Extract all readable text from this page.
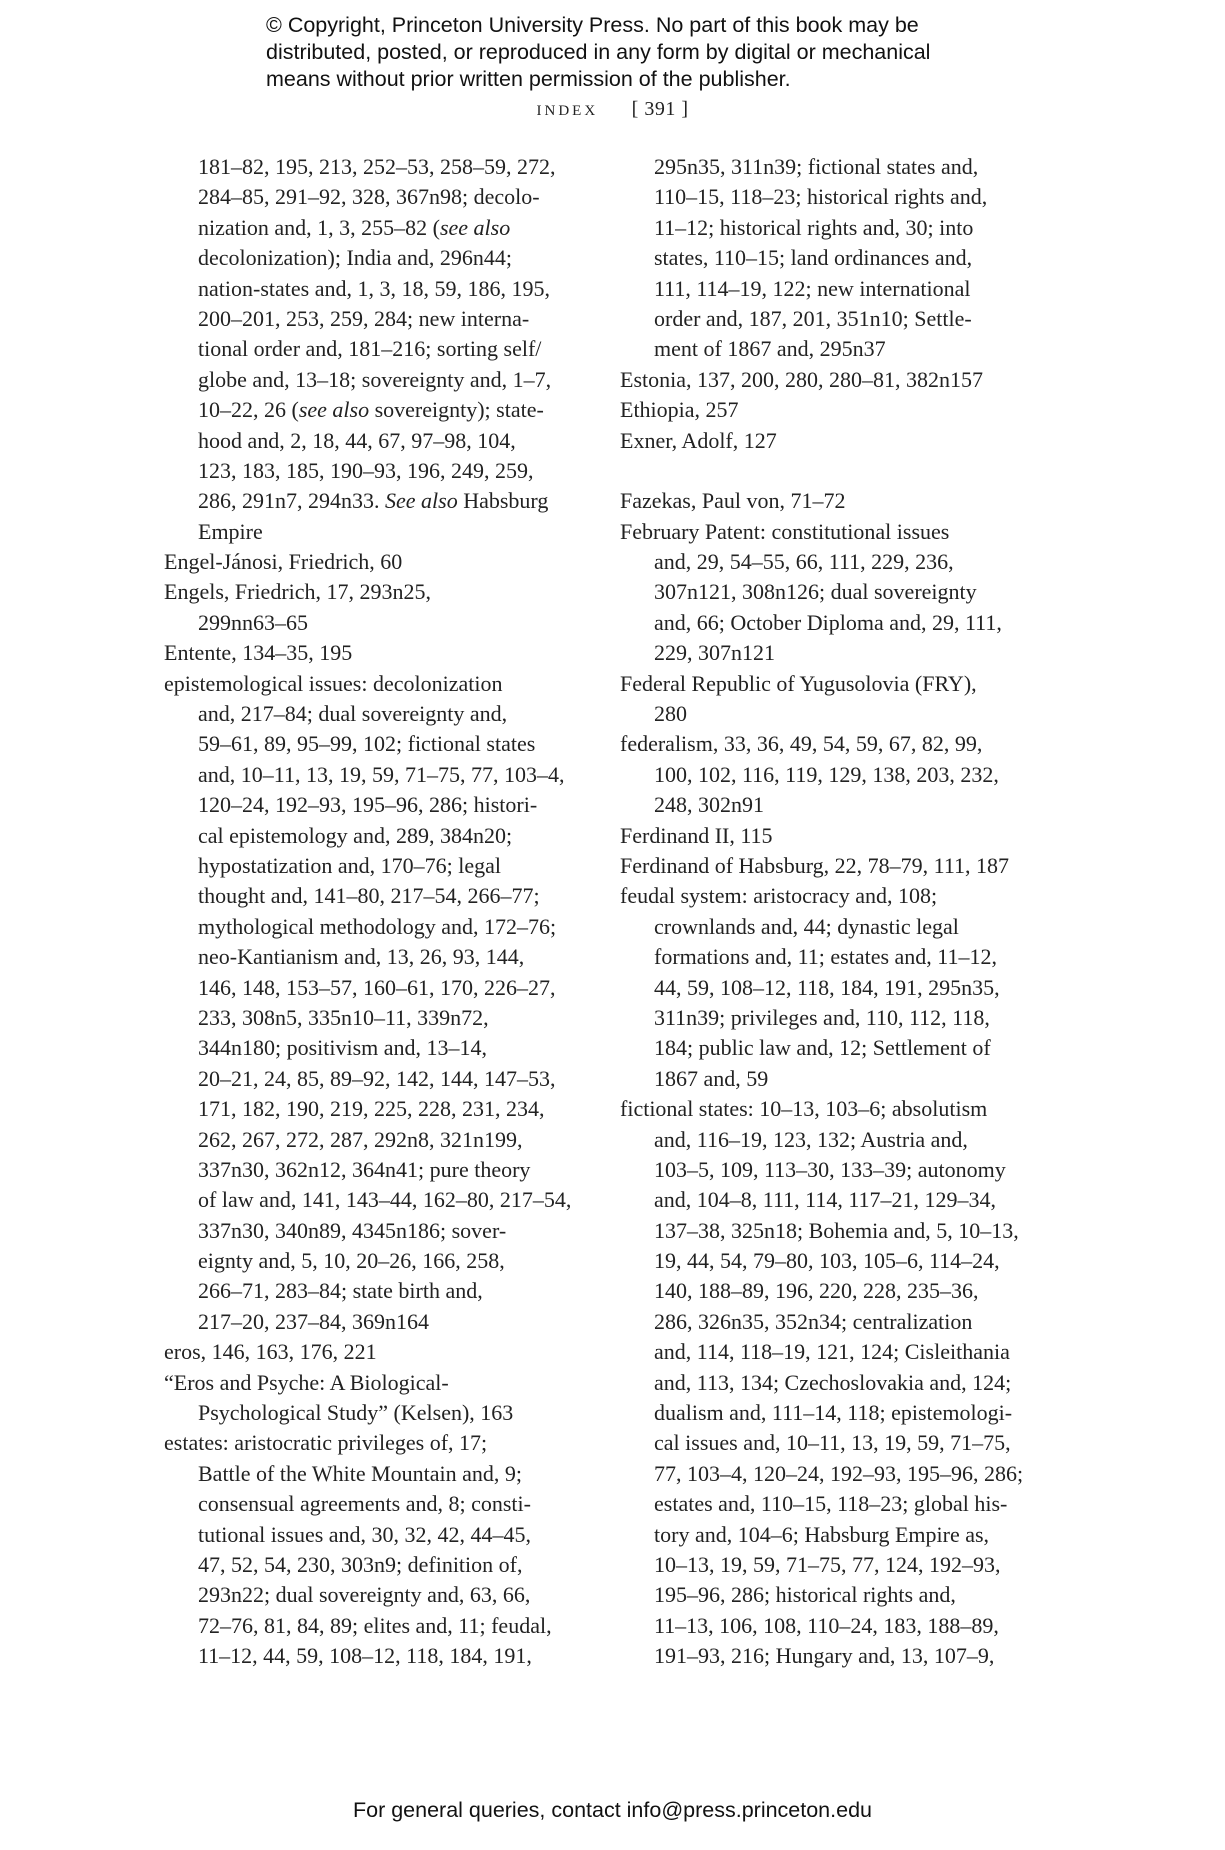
© Copyright, Princeton University Press. No part of this book may be
distributed, posted, or reproduced in any form by digital or mechanical
means without prior written permission of the publisher.
index [ 391 ]
181–82, 195, 213, 252–53, 258–59, 272,
284–85, 291–92, 328, 367n98; decolo-
nization and, 1, 3, 255–82 (see also
decolonization); India and, 296n44;
nation-states and, 1, 3, 18, 59, 186, 195,
200–201, 253, 259, 284; new interna-
tional order and, 181–216; sorting self/
globe and, 13–18; sovereignty and, 1–7,
10–22, 26 (see also sovereignty); state-
hood and, 2, 18, 44, 67, 97–98, 104,
123, 183, 185, 190–93, 196, 249, 259,
286, 291n7, 294n33. See also Habsburg
Empire
Engel-Jánosi, Friedrich, 60
Engels, Friedrich, 17, 293n25,
299nn63–65
Entente, 134–35, 195
epistemological issues: decolonization
and, 217–84; dual sovereignty and,
59–61, 89, 95–99, 102; fictional states
and, 10–11, 13, 19, 59, 71–75, 77, 103–4,
120–24, 192–93, 195–96, 286; histori-
cal epistemology and, 289, 384n20;
hypostatization and, 170–76; legal
thought and, 141–80, 217–54, 266–77;
mythological methodology and, 172–76;
neo-Kantianism and, 13, 26, 93, 144,
146, 148, 153–57, 160–61, 170, 226–27,
233, 308n5, 335n10–11, 339n72,
344n180; positivism and, 13–14,
20–21, 24, 85, 89–92, 142, 144, 147–53,
171, 182, 190, 219, 225, 228, 231, 234,
262, 267, 272, 287, 292n8, 321n199,
337n30, 362n12, 364n41; pure theory
of law and, 141, 143–44, 162–80, 217–54,
337n30, 340n89, 4345n186; sover-
eignty and, 5, 10, 20–26, 166, 258,
266–71, 283–84; state birth and,
217–20, 237–84, 369n164
eros, 146, 163, 176, 221
“Eros and Psyche: A Biological-
Psychological Study” (Kelsen), 163
estates: aristocratic privileges of, 17;
Battle of the White Mountain and, 9;
consensual agreements and, 8; consti-
tutional issues and, 30, 32, 42, 44–45,
47, 52, 54, 230, 303n9; definition of,
293n22; dual sovereignty and, 63, 66,
72–76, 81, 84, 89; elites and, 11; feudal,
11–12, 44, 59, 108–12, 118, 184, 191,
295n35, 311n39; fictional states and,
110–15, 118–23; historical rights and,
11–12; historical rights and, 30; into
states, 110–15; land ordinances and,
111, 114–19, 122; new international
order and, 187, 201, 351n10; Settle-
ment of 1867 and, 295n37
Estonia, 137, 200, 280, 280–81, 382n157
Ethiopia, 257
Exner, Adolf, 127
Fazekas, Paul von, 71–72
February Patent: constitutional issues
and, 29, 54–55, 66, 111, 229, 236,
307n121, 308n126; dual sovereignty
and, 66; October Diploma and, 29, 111,
229, 307n121
Federal Republic of Yugusolovia (FRY),
280
federalism, 33, 36, 49, 54, 59, 67, 82, 99,
100, 102, 116, 119, 129, 138, 203, 232,
248, 302n91
Ferdinand II, 115
Ferdinand of Habsburg, 22, 78–79, 111, 187
feudal system: aristocracy and, 108;
crownlands and, 44; dynastic legal
formations and, 11; estates and, 11–12,
44, 59, 108–12, 118, 184, 191, 295n35,
311n39; privileges and, 110, 112, 118,
184; public law and, 12; Settlement of
1867 and, 59
fictional states: 10–13, 103–6; absolutism
and, 116–19, 123, 132; Austria and,
103–5, 109, 113–30, 133–39; autonomy
and, 104–8, 111, 114, 117–21, 129–34,
137–38, 325n18; Bohemia and, 5, 10–13,
19, 44, 54, 79–80, 103, 105–6, 114–24,
140, 188–89, 196, 220, 228, 235–36,
286, 326n35, 352n34; centralization
and, 114, 118–19, 121, 124; Cisleithania
and, 113, 134; Czechoslovakia and, 124;
dualism and, 111–14, 118; epistemologi-
cal issues and, 10–11, 13, 19, 59, 71–75,
77, 103–4, 120–24, 192–93, 195–96, 286;
estates and, 110–15, 118–23; global his-
tory and, 104–6; Habsburg Empire as,
10–13, 19, 59, 71–75, 77, 124, 192–93,
195–96, 286; historical rights and,
11–13, 106, 108, 110–24, 183, 188–89,
191–93, 216; Hungary and, 13, 107–9,
For general queries, contact info@press.princeton.edu
